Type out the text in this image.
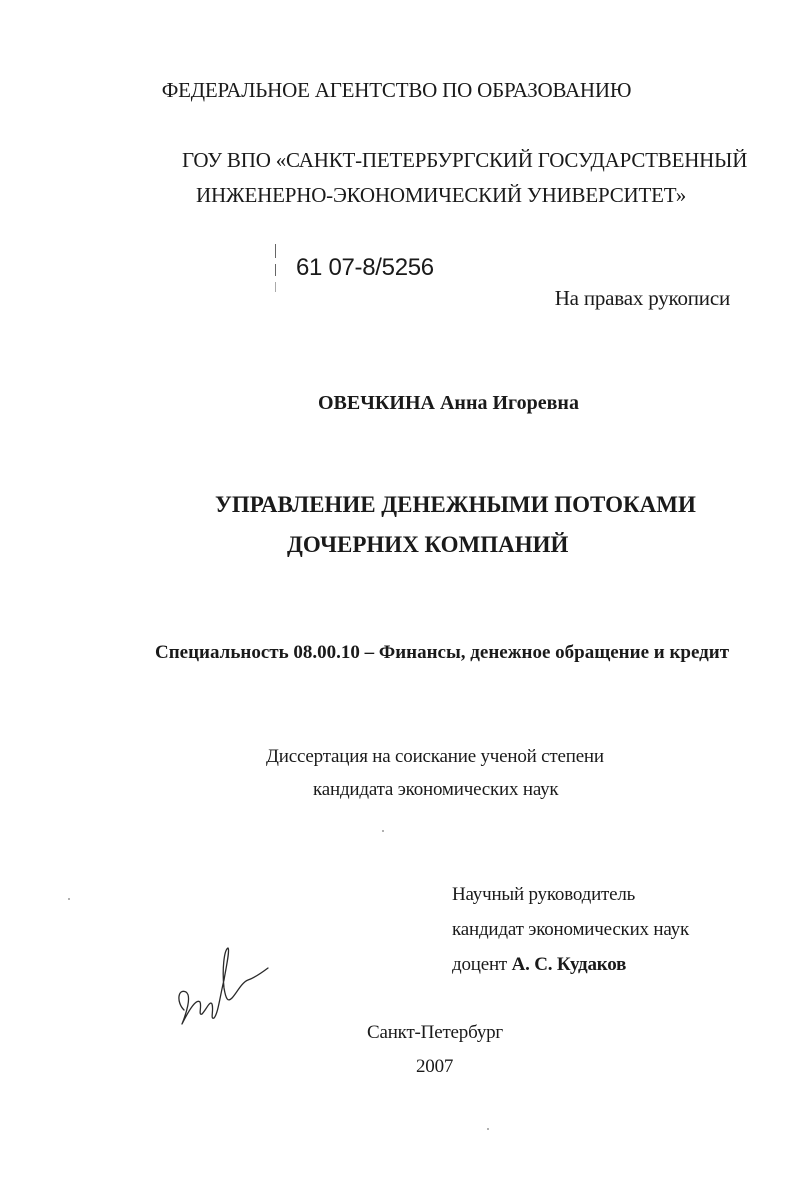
ФЕДЕРАЛЬНОЕ АГЕНТСТВО ПО ОБРАЗОВАНИЮ
ГОУ ВПО «САНКТ-ПЕТЕРБУРГСКИЙ ГОСУДАРСТВЕННЫЙ
ИНЖЕНЕРНО-ЭКОНОМИЧЕСКИЙ УНИВЕРСИТЕТ»
61 07-8/5256
На правах рукописи
ОВЕЧКИНА Анна Игоревна
УПРАВЛЕНИЕ ДЕНЕЖНЫМИ ПОТОКАМИ
ДОЧЕРНИХ КОМПАНИЙ
Специальность 08.00.10 – Финансы, денежное обращение и кредит
Диссертация на соискание ученой степени
кандидата экономических наук
Научный руководитель
кандидат экономических наук
доцент А. С. Кудаков
Санкт-Петербург
2007
